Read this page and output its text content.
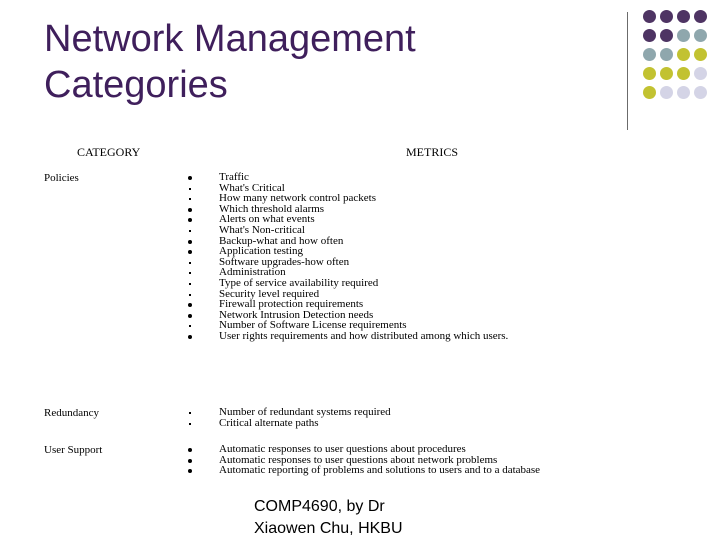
Network Management
Categories
CATEGORY	METRICS
Policies	Traffic
What's Critical
How many network control packets
Which threshold alarms
Alerts on what events
What's Non-critical
Backup-what and how often
Application testing
Software upgrades-how often
Administration
Type of service availability required
Security level required
Firewall protection requirements
Network Intrusion Detection needs
Number of Software License requirements
User rights requirements and how distributed among which users.
Redundancy	Number of redundant systems required
Critical alternate paths
User Support	Automatic responses to user questions about procedures
Automatic responses to user questions about network problems
Automatic reporting of problems and solutions to users and to a database
COMP4690, by Dr
Xiaowen Chu, HKBU
